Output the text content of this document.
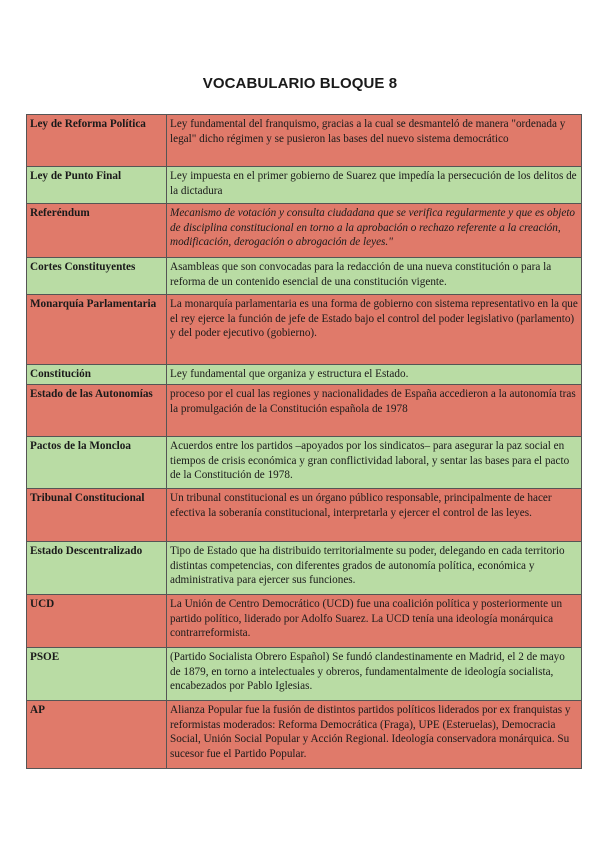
VOCABULARIO BLOQUE 8
Ley de Reforma Política	Ley fundamental del franquismo, gracias a la cual se desmanteló de manera "ordenada y legal" dicho régimen y se pusieron las bases del nuevo sistema democrático
Ley de Punto Final	Ley impuesta en el primer gobierno de Suarez que impedía la persecución de los delitos de la dictadura
Referéndum	Mecanismo de votación y consulta ciudadana que se verifica regularmente y que es objeto de disciplina constitucional en torno a la aprobación o rechazo referente a la creación, modificación, derogación o abrogación de leyes."
Cortes Constituyentes	Asambleas que son convocadas para la redacción de una nueva constitución o para la reforma de un contenido esencial de una constitución vigente.
Monarquía Parlamentaria	La monarquía parlamentaria es una forma de gobierno con sistema representativo en la que el rey ejerce la función de jefe de Estado bajo el control del poder legislativo (parlamento) y del poder ejecutivo (gobierno).
Constitución	Ley fundamental que organiza y estructura el Estado.
Estado de las Autonomías	proceso por el cual las regiones y nacionalidades de España accedieron a la autonomía tras la promulgación de la Constitución española de 1978
Pactos de la Moncloa	Acuerdos entre los partidos –apoyados por los sindicatos– para asegurar la paz social en tiempos de crisis económica y gran conflictividad laboral, y sentar las bases para el pacto de la Constitución de 1978.
Tribunal Constitucional	Un tribunal constitucional es un órgano público responsable, principalmente de hacer efectiva la soberanía constitucional, interpretarla y ejercer el control de las leyes.
Estado Descentralizado	Tipo de Estado que ha distribuido territorialmente su poder, delegando en cada territorio distintas competencias, con diferentes grados de autonomía política, económica y administrativa para ejercer sus funciones.
UCD	La Unión de Centro Democrático (UCD) fue una coalición política y posteriormente un partido político, liderado por Adolfo Suarez. La UCD tenía una ideología monárquica contrarreformista.
PSOE	(Partido Socialista Obrero Español) Se fundó clandestinamente en Madrid, el 2 de mayo de 1879, en torno a intelectuales y obreros, fundamentalmente de ideología socialista, encabezados por Pablo Iglesias.
AP	Alianza Popular fue la fusión de distintos partidos políticos liderados por ex franquistas y reformistas moderados: Reforma Democrática (Fraga), UPE (Esteruelas), Democracia Social, Unión Social Popular y Acción Regional. Ideología conservadora monárquica. Su sucesor fue el Partido Popular.
